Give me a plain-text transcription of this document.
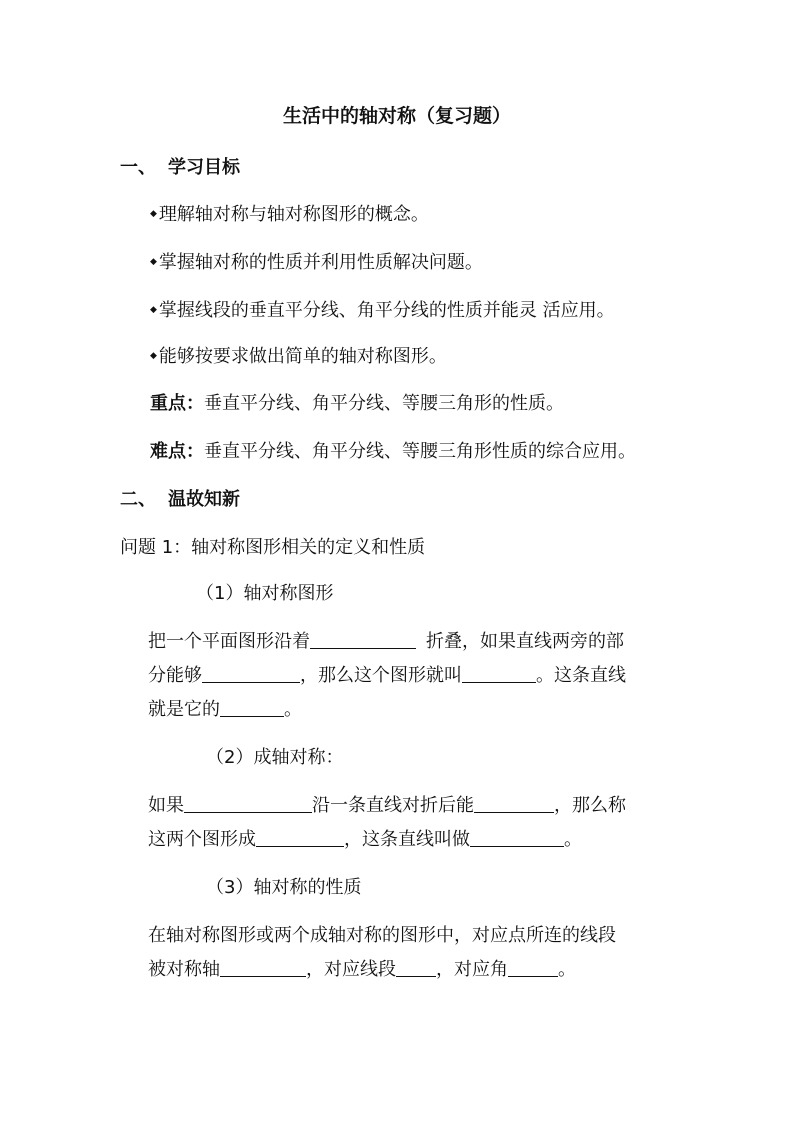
生活中的轴对称（复习题）
一、 学习目标
◆ 理解轴对称与轴对称图形的概念。
◆ 掌握轴对称的性质并利用性质解决问题。
◆ 掌握线段的垂直平分线、角平分线的性质并能灵 活应用。
◆ 能够按要求做出简单的轴对称图形。
重点：垂直平分线、角平分线、等腰三角形的性质。
难点：垂直平分线、角平分线、等腰三角形性质的综合应用。
二、 温故知新
问题 1：轴对称图形相关的定义和性质
（1）轴对称图形
把一个平面图形沿着	折叠，如果直线两旁的部
分能够	，那么这个图形就叫	。这条直线
就是它的	。
（2）成轴对称：
如果	沿一条直线对折后能	，那么称
这两个图形成	，这条直线叫做	。
（3）轴对称的性质
在轴对称图形或两个成轴对称的图形中，对应点所连的线段
被对称轴	，对应线段 ，对应角	。
